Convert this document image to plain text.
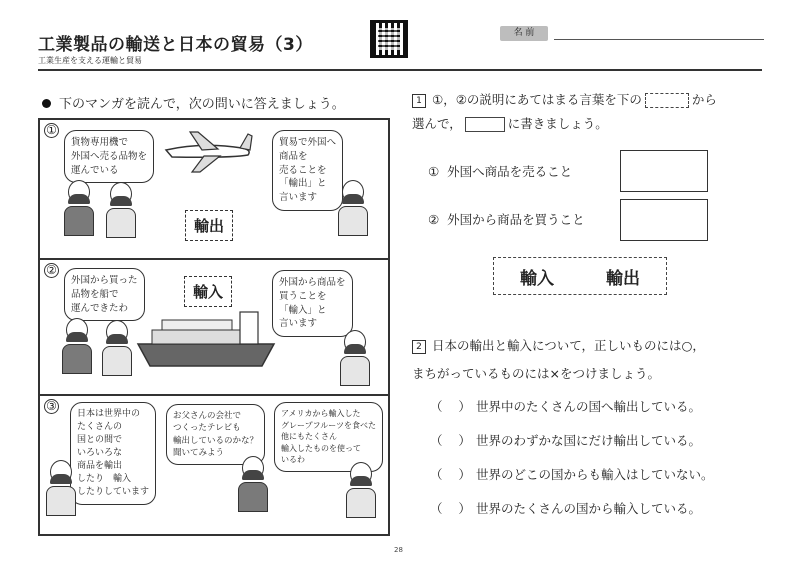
工業製品の輸送と日本の貿易（3）
工業生産を支える運輸と貿易
名 前
下のマンガを読んで，次の問いに答えましょう。
①
貨物専用機で
外国へ売る品物を
運んでいる
輸出
貿易で外国へ
商品を
売ることを
「輸出」と
言います
②
外国から買った
品物を船で
運んできたわ
輸入
外国から商品を
買うことを
「輸入」と
言います
③
日本は世界中の
たくさんの
国との間で
いろいろな
商品を輸出
したり　輸入
したりしています
お父さんの会社で
つくったテレビも
輸出しているのかな？
聞いてみよう
アメリカから輸入した
グレープフルーツを食べた
他にもたくさん
輸入したものを使って
いるわ
1 ①，②の説明にあてはまる言葉を下の	から
選んで，	に書きましょう。
① 外国へ商品を売ること
② 外国から商品を買うこと
輸入	輸出
2 日本の輸出と輸入について，正しいものには○，
まちがっているものには×をつけましょう。
（ ） 世界中のたくさんの国へ輸出している。
（ ） 世界のわずかな国にだけ輸出している。
（ ） 世界のどこの国からも輸入はしていない。
（ ） 世界のたくさんの国から輸入している。
28
